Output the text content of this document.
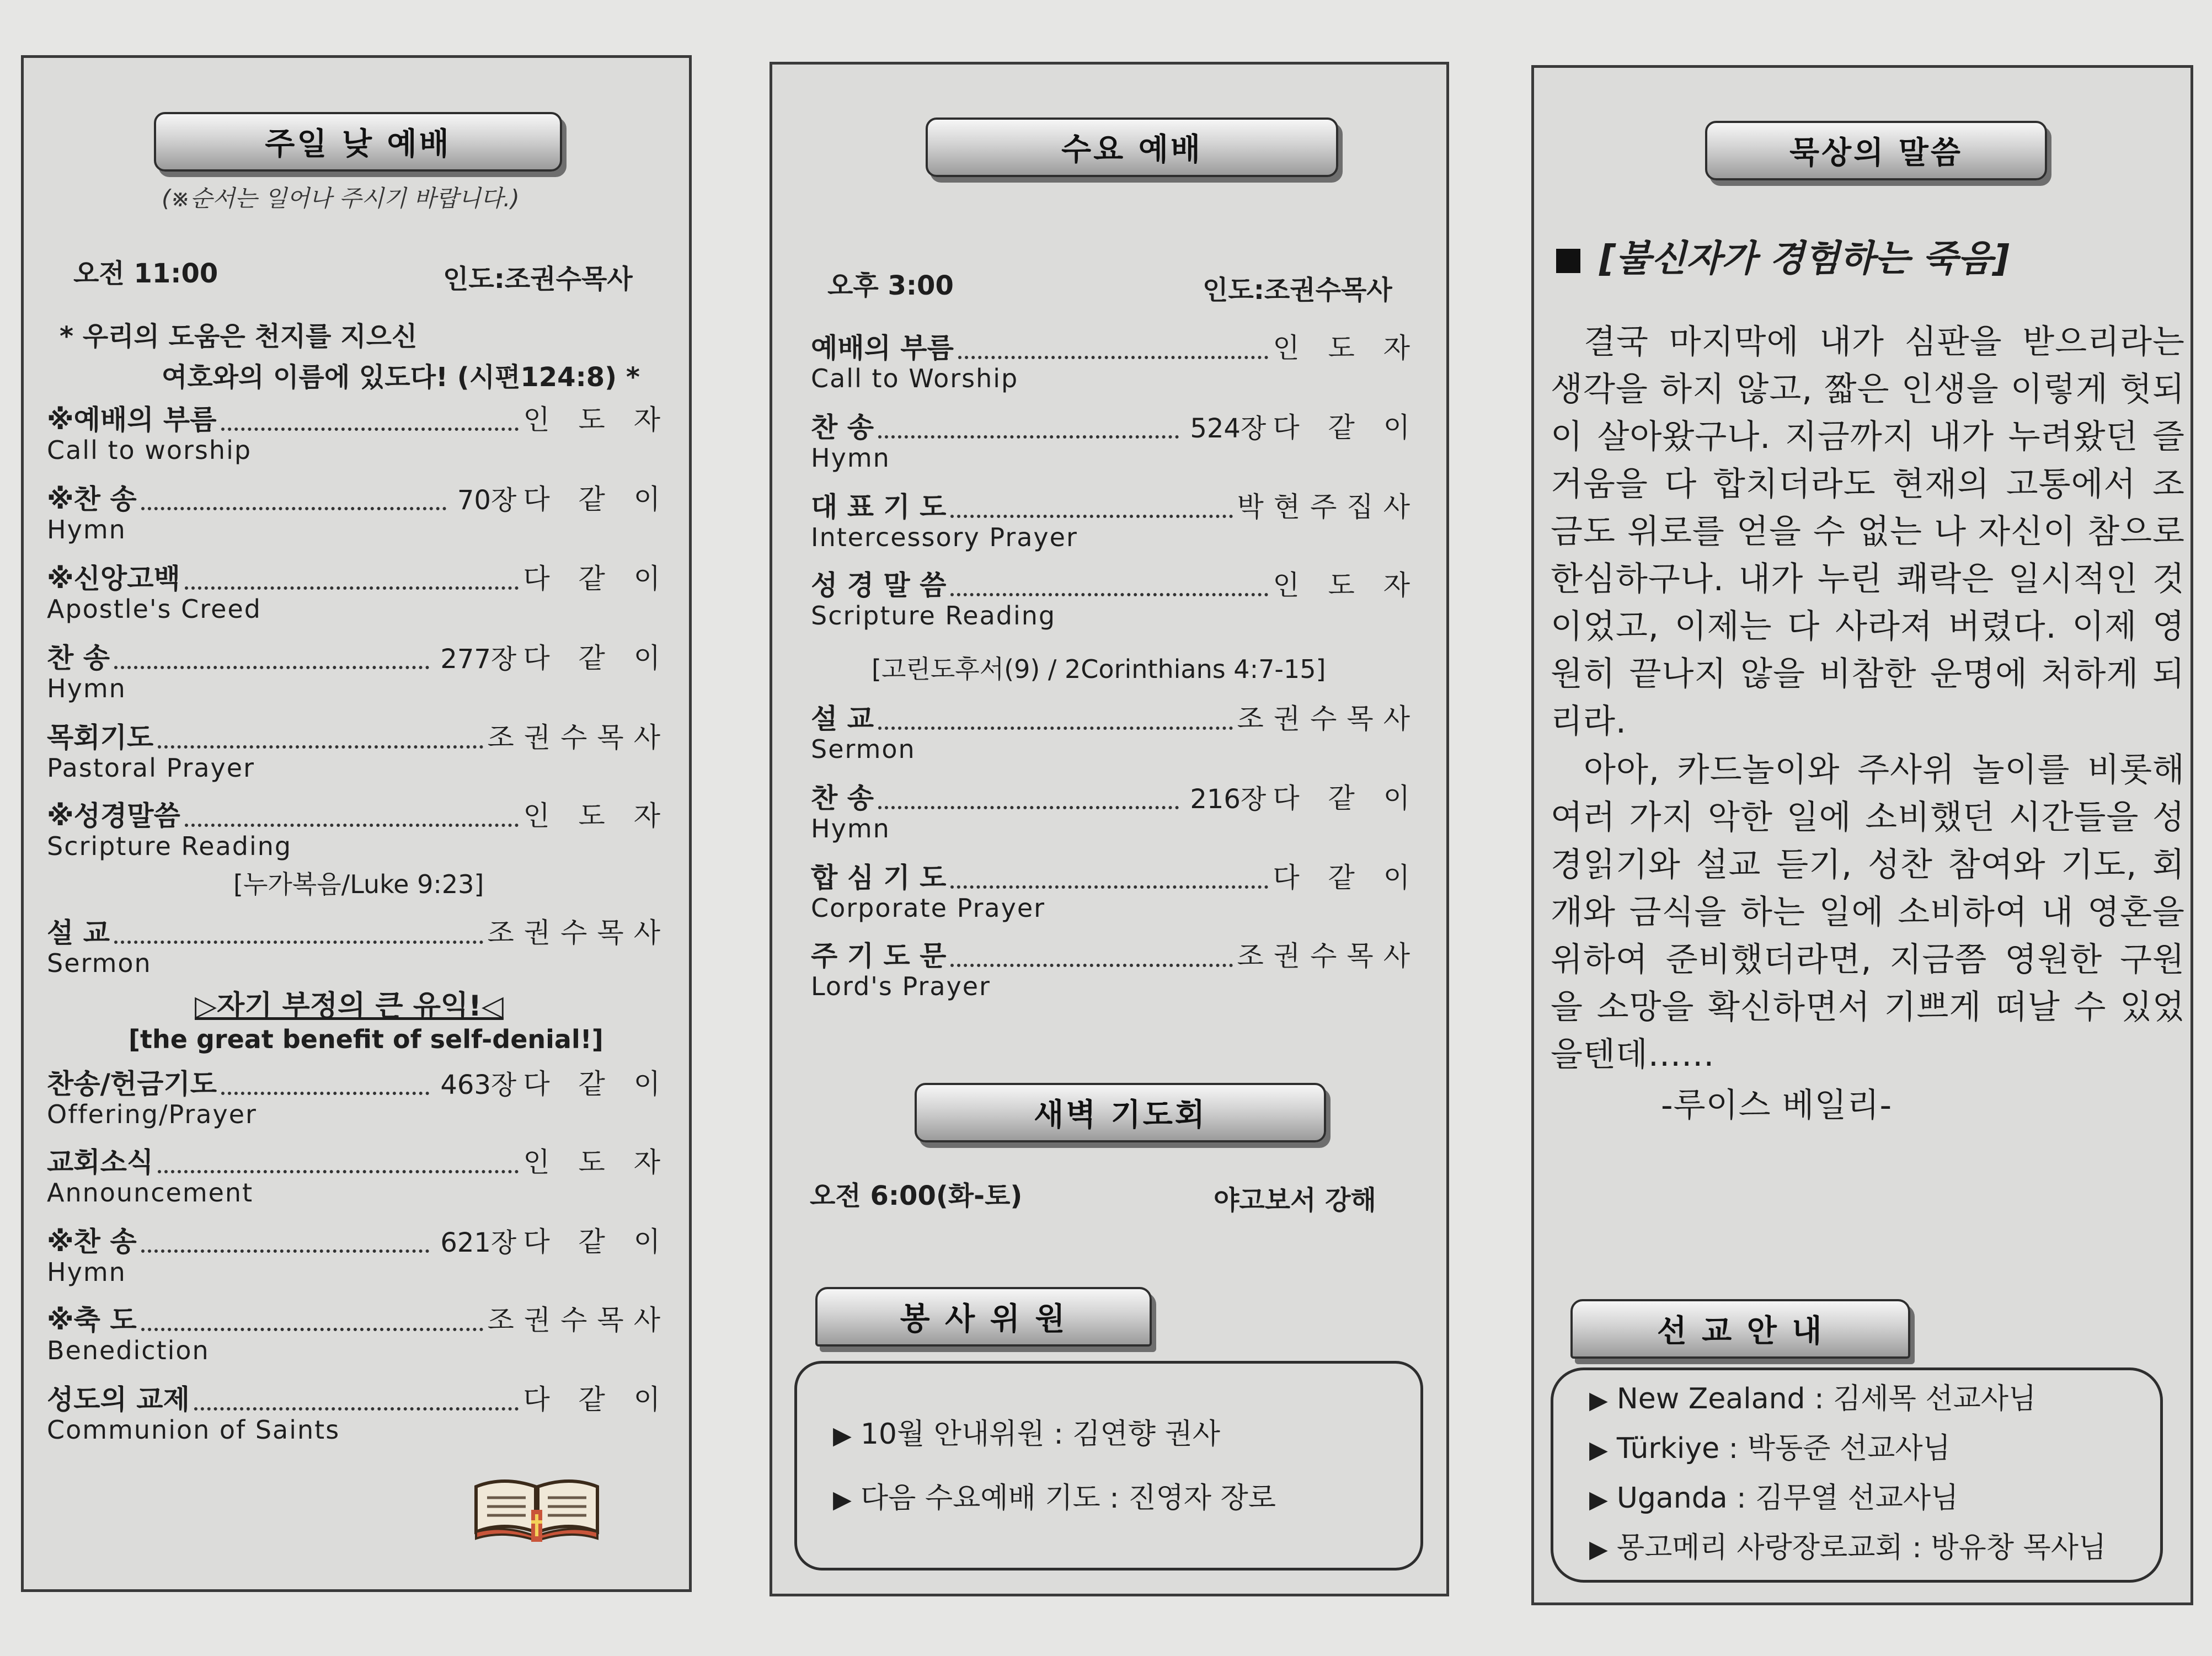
주일 낮 예배
(※순서는 일어나 주시기 바랍니다.)
오전 11:00	인도:조권수목사
* 우리의 도움은 천지를 지으신
여호와의 이름에 있도다! (시편124:8) *
※예배의 부름	인 도 자
Call to worship
※찬 송	70장 다 같 이
Hymn
※신앙고백	다 같 이
Apostle's Creed
찬 송	277장 다 같 이
Hymn
목회기도	조권수목사
Pastoral Prayer
※성경말씀	인 도 자
Scripture Reading
설 교	조권수목사
Sermon
찬송/헌금기도	463장 다 같 이
Offering/Prayer
교회소식	인 도 자
Announcement
※찬 송	621장 다 같 이
Hymn
※축 도	조권수목사
Benediction
성도의 교제	다 같 이
Communion of Saints
[누가복음/Luke 9:23]
▷자기 부정의 큰 유익!◁
[the great benefit of self-denial!]
수요 예배
오후 3:00	인도:조권수목사
예배의 부름	인 도 자
Call to Worship
찬 송	524장 다 같 이
Hymn
대 표 기 도	박현주집사
Intercessory Prayer
성 경 말 씀	인 도 자
Scripture Reading
설 교	조권수목사
Sermon
찬 송	216장 다 같 이
Hymn
합 심 기 도	다 같 이
Corporate Prayer
주 기 도 문	조권수목사
Lord's Prayer
[고린도후서(9) / 2Corinthians 4:7-15]
새벽 기도회
오전 6:00(화-토)	야고보서 강해
봉 사 위 원
▶ 10월 안내위원 : 김연향 권사
▶ 다음 수요예배 기도 : 진영자 장로
묵상의 말씀
[불신자가 경험하는 죽음]
결국 마지막에 내가 심판을 받으리라는 생각을 하지 않고, 짧은 인생을 이렇게 헛되이 살아왔구나. 지금까지 내가 누려왔던 즐거움을 다 합치더라도 현재의 고통에서 조금도 위로를 얻을 수 없는 나 자신이 참으로 한심하구나. 내가 누린 쾌락은 일시적인 것이었고, 이제는 다 사라져 버렸다. 이제 영원히 끝나지 않을 비참한 운명에 처하게 되리라.
아아, 카드놀이와 주사위 놀이를 비롯해 여러 가지 악한 일에 소비했던 시간들을 성경읽기와 설교 듣기, 성찬 참여와 기도, 회개와 금식을 하는 일에 소비하여 내 영혼을 위하여 준비했더라면, 지금쯤 영원한 구원을 소망을 확신하면서 기쁘게 떠날 수 있었을텐데......
-루이스 베일리-
선 교 안 내
▶ New Zealand : 김세목 선교사님
▶ Türkiye : 박동준 선교사님
▶ Uganda : 김무열 선교사님
▶ 몽고메리 사랑장로교회 : 방유창 목사님
